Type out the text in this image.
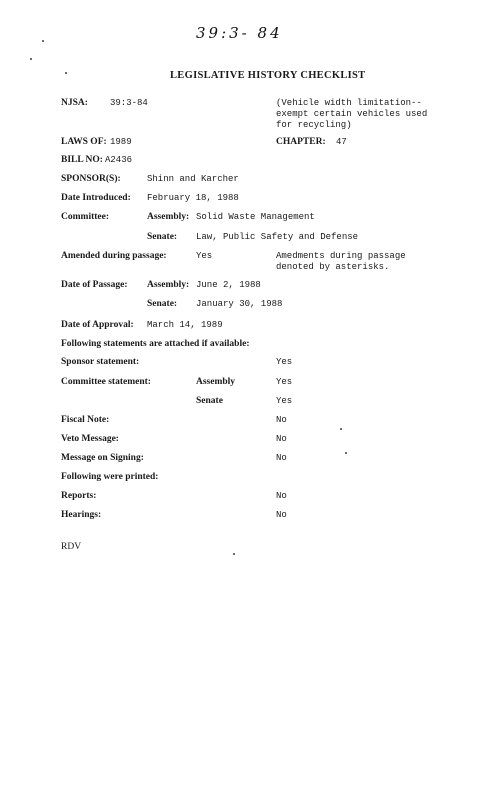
39:3- 84
LEGISLATIVE HISTORY CHECKLIST
NJSA: 39:3-84	(Vehicle width limitation-- exempt certain vehicles used for recycling)
LAWS OF: 1989	CHAPTER: 47
BILL NO: A2436
SPONSOR(S):	Shinn and Karcher
Date Introduced: February 18, 1988
Committee:	Assembly: Solid Waste Management
Senate: Law, Public Safety and Defense
Amended during passage:	Yes	Amedments during passage denoted by asterisks.
Date of Passage: Assembly: June 2, 1988
Senate: January 30, 1988
Date of Approval: March 14, 1989
Following statements are attached if available:
Sponsor statement:	Yes
Committee statement:	Assembly	Yes
Senate	Yes
Fiscal Note:	No
Veto Message:	No
Message on Signing:	No
Following were printed:
Reports:	No
Hearings:	No
RDV
